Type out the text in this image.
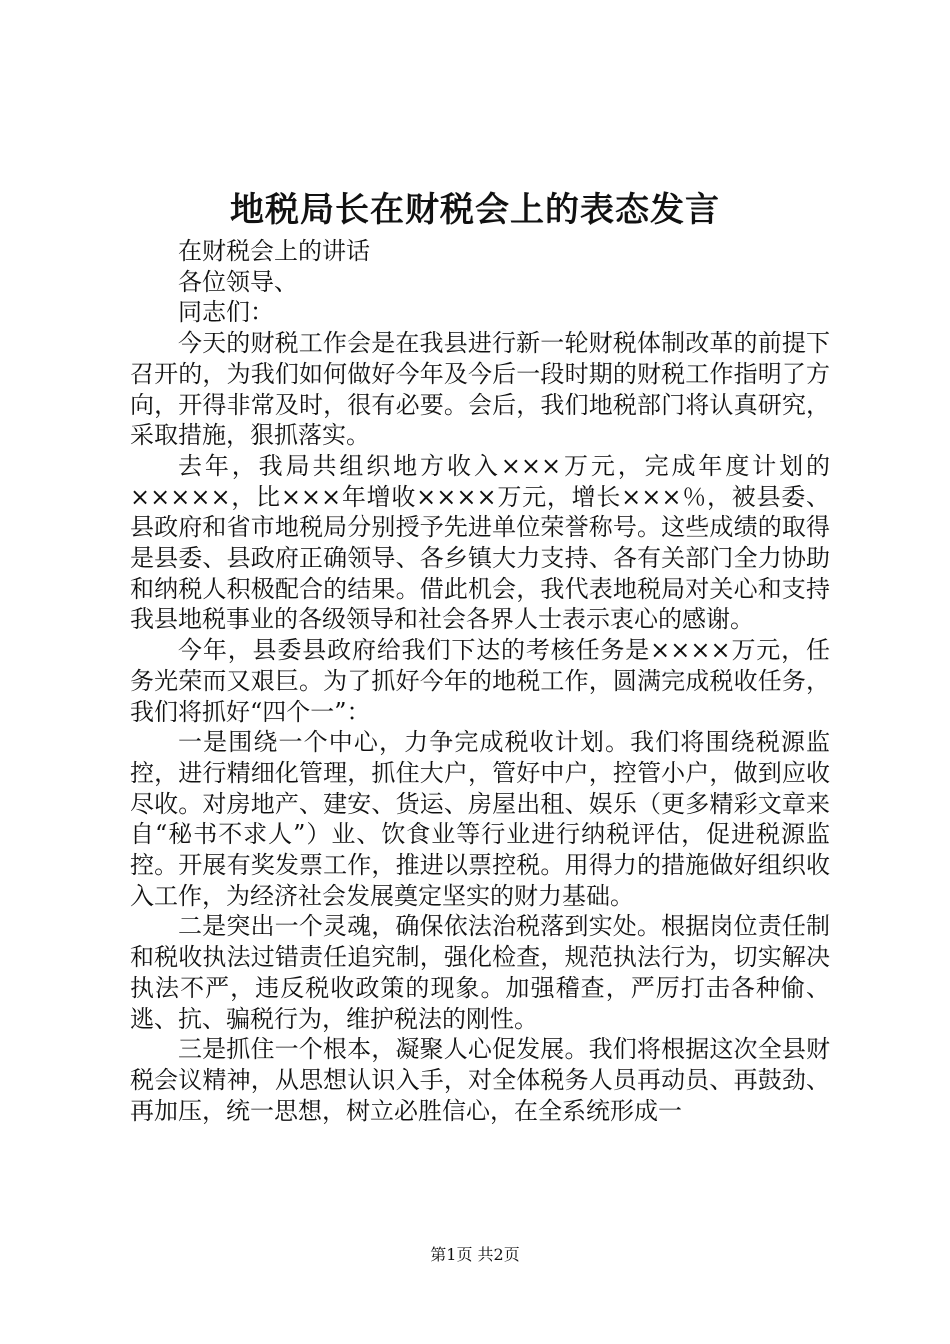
地税局长在财税会上的表态发言

在财税会上的讲话

各位领导、

同志们：

今天的财税工作会是在我县进行新一轮财税体制改革的前提下召开的，为我们如何做好今年及今后一段时期的财税工作指明了方向，开得非常及时，很有必要。会后，我们地税部门将认真研究，采取措施，狠抓落实。

去年，我局共组织地方收入×××万元，完成年度计划的×××××，比×××年增收××××万元，增长×××％，被县委、县政府和省市地税局分别授予先进单位荣誉称号。这些成绩的取得是县委、县政府正确领导、各乡镇大力支持、各有关部门全力协助和纳税人积极配合的结果。借此机会，我代表地税局对关心和支持我县地税事业的各级领导和社会各界人士表示衷心的感谢。

今年，县委县政府给我们下达的考核任务是××××万元，任务光荣而又艰巨。为了抓好今年的地税工作，圆满完成税收任务，我们将抓好“四个一”：

一是围绕一个中心，力争完成税收计划。我们将围绕税源监控，进行精细化管理，抓住大户，管好中户，控管小户，做到应收尽收。对房地产、建安、货运、房屋出租、娱乐（更多精彩文章来自“秘书不求人”）业、饮食业等行业进行纳税评估，促进税源监控。开展有奖发票工作，推进以票控税。用得力的措施做好组织收入工作，为经济社会发展奠定坚实的财力基础。

二是突出一个灵魂，确保依法治税落到实处。根据岗位责任制和税收执法过错责任追究制，强化检查，规范执法行为，切实解决执法不严，违反税收政策的现象。加强稽查，严厉打击各种偷、逃、抗、骗税行为，维护税法的刚性。

三是抓住一个根本，凝聚人心促发展。我们将根据这次全县财税会议精神，从思想认识入手，对全体税务人员再动员、再鼓劲、再加压，统一思想，树立必胜信心，在全系统形成一

第1页 共2页
